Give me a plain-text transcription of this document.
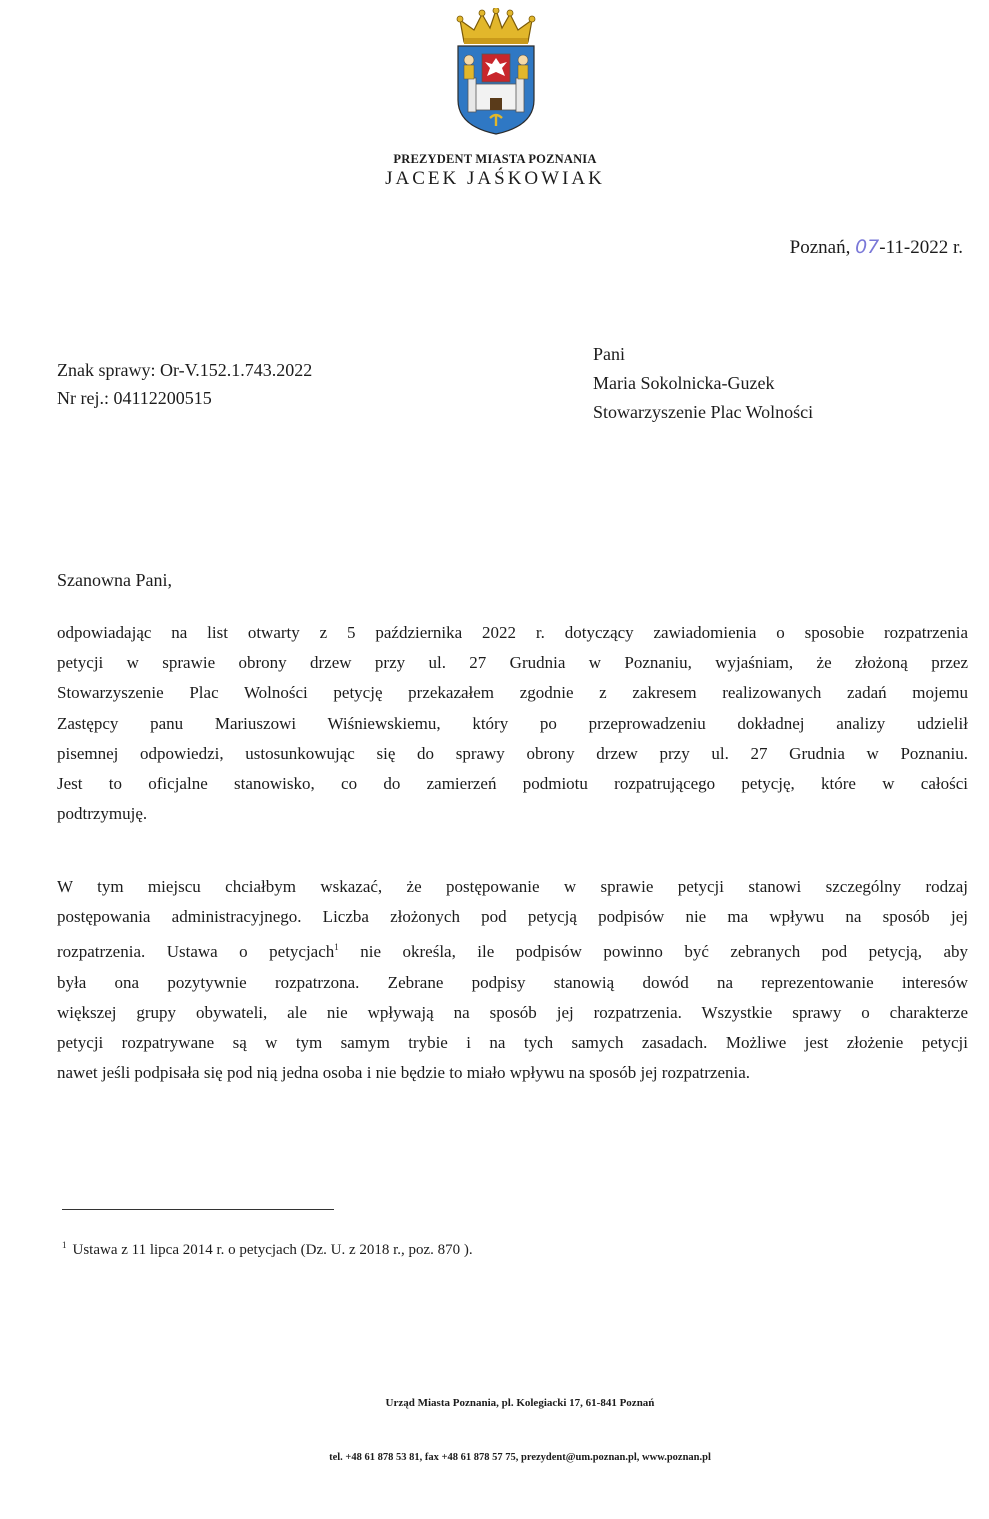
PREZYDENT MIASTA POZNANIA
JACEK JAŚKOWIAK
Poznań, 07-11-2022 r.
Znak sprawy: Or-V.152.1.743.2022
Nr rej.: 04112200515
Pani
Maria Sokolnicka-Guzek
Stowarzyszenie Plac Wolności
Szanowna Pani,
odpowiadając na list otwarty z 5 października 2022 r. dotyczący zawiadomienia o sposobie rozpatrzenia
petycji w sprawie obrony drzew przy ul. 27 Grudnia w Poznaniu, wyjaśniam, że złożoną przez
Stowarzyszenie Plac Wolności petycję przekazałem zgodnie z zakresem realizowanych zadań mojemu
Zastępcy panu Mariuszowi Wiśniewskiemu, który po przeprowadzeniu dokładnej analizy udzielił
pisemnej odpowiedzi, ustosunkowując się do sprawy obrony drzew przy ul. 27 Grudnia w Poznaniu.
Jest to oficjalne stanowisko, co do zamierzeń podmiotu rozpatrującego petycję, które w całości
podtrzymuję.
W tym miejscu chciałbym wskazać, że postępowanie w sprawie petycji stanowi szczególny rodzaj
postępowania administracyjnego. Liczba złożonych pod petycją podpisów nie ma wpływu na sposób jej
rozpatrzenia. Ustawa o petycjach$^1$ nie określa, ile podpisów powinno być zebranych pod petycją, aby
była ona pozytywnie rozpatrzona. Zebrane podpisy stanowią dowód na reprezentowanie interesów
większej grupy obywateli, ale nie wpływają na sposób jej rozpatrzenia. Wszystkie sprawy o charakterze
petycji rozpatrywane są w tym samym trybie i na tych samych zasadach. Możliwe jest złożenie petycji
nawet jeśli podpisała się pod nią jedna osoba i nie będzie to miało wpływu na sposób jej rozpatrzenia.
$^1$ Ustawa z 11 lipca 2014 r. o petycjach (Dz. U. z 2018 r., poz. 870 ).
Urząd Miasta Poznania, pl. Kolegiacki 17, 61-841 Poznań
tel. +48 61 878 53 81, fax +48 61 878 57 75, prezydent@um.poznan.pl, www.poznan.pl
